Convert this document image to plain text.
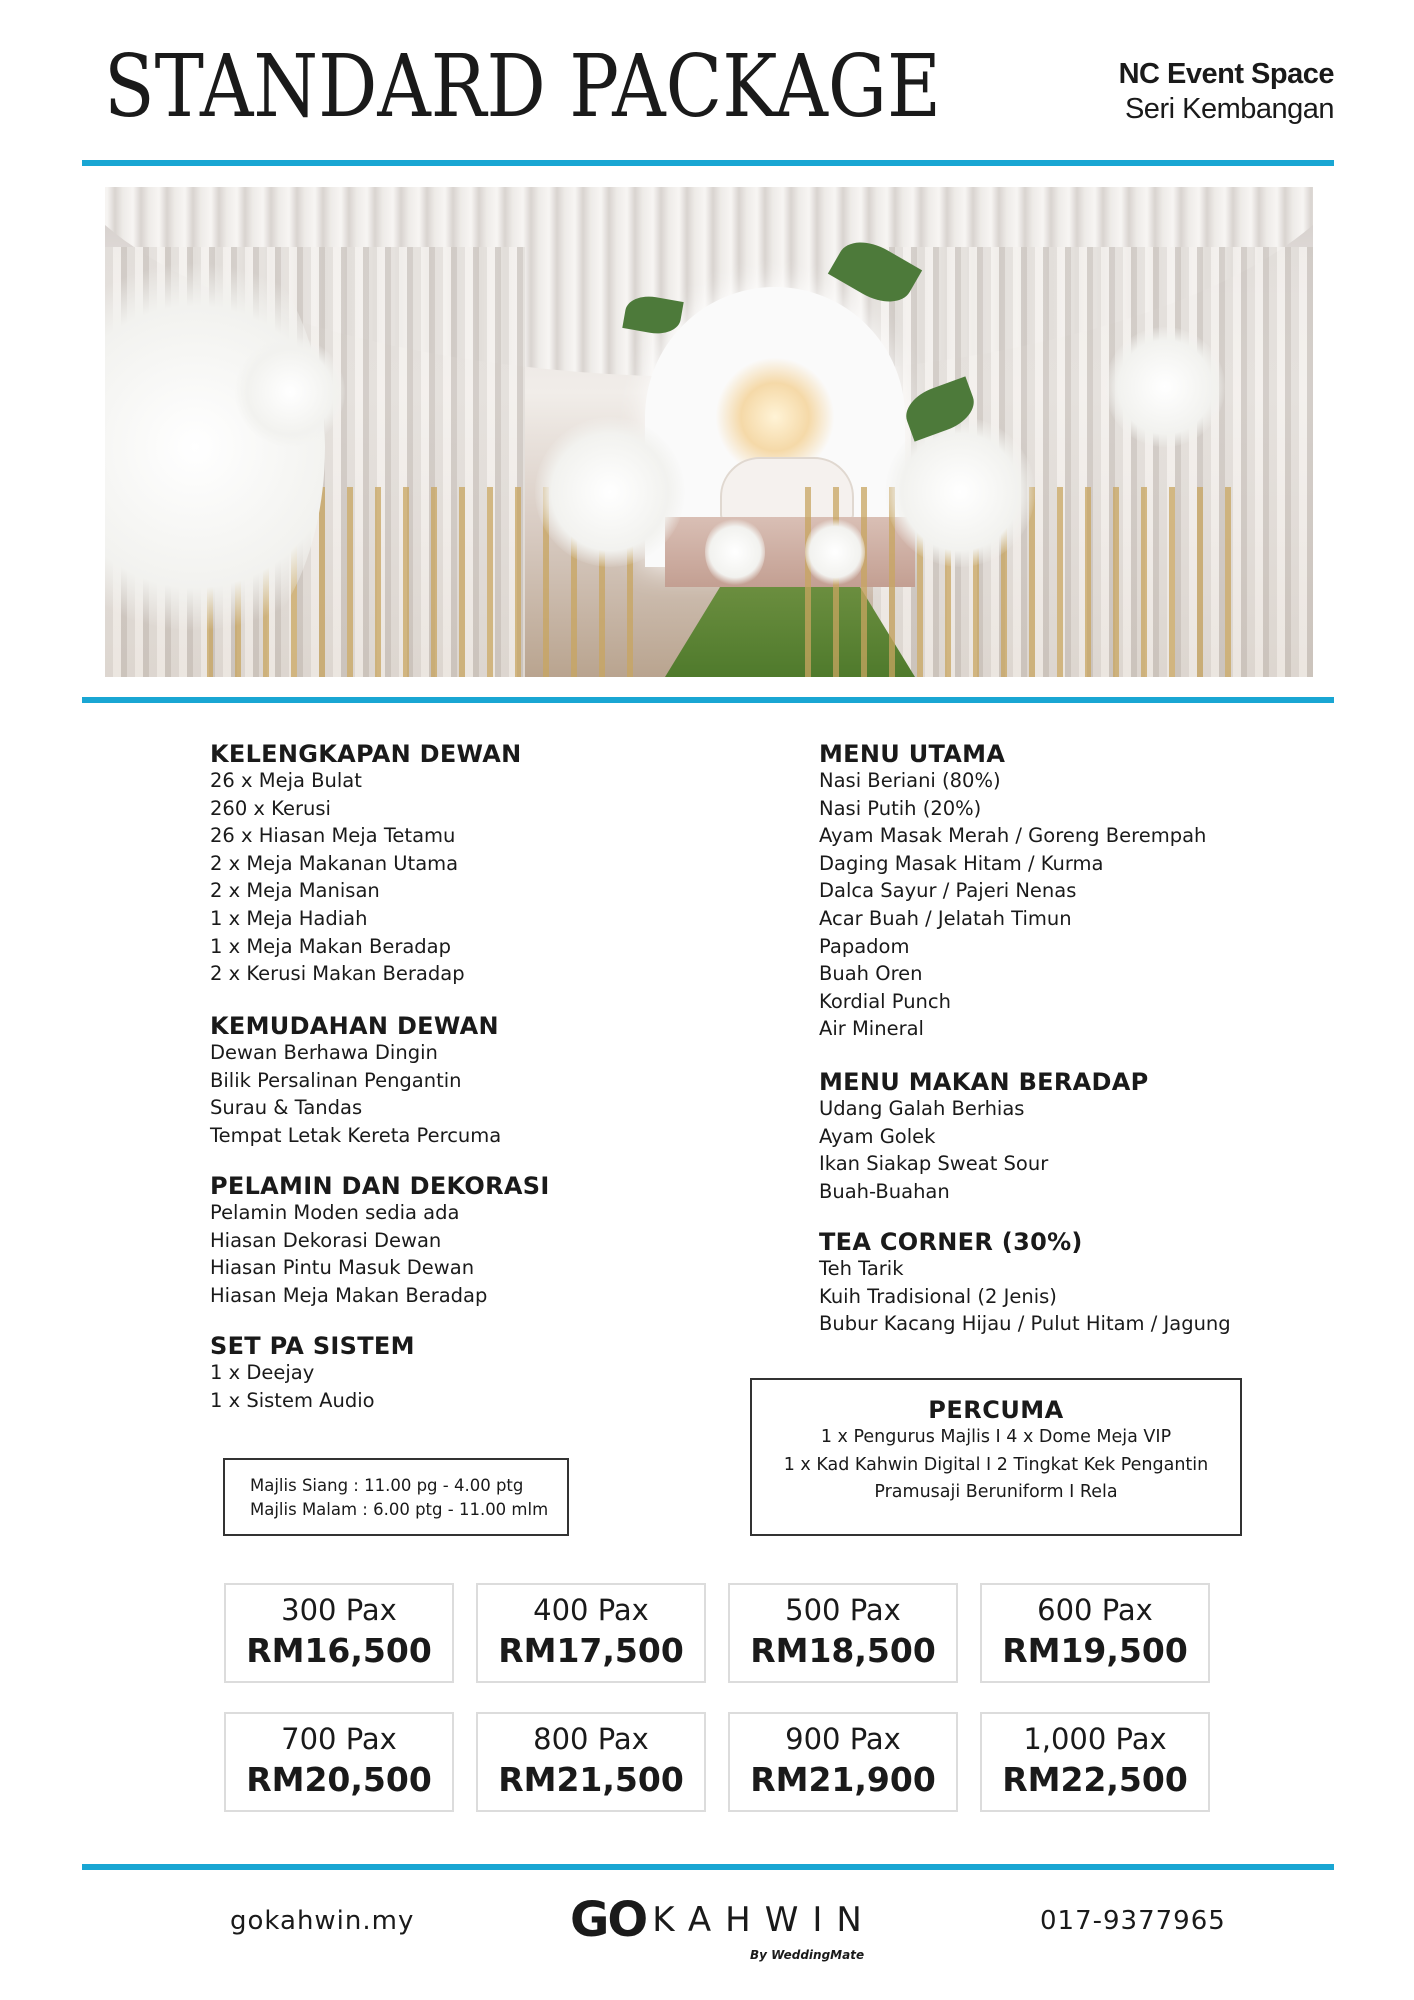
STANDARD PACKAGE	NC Event Space
Seri Kembangan
KELENGKAPAN DEWAN
26 x Meja Bulat
260 x Kerusi
26 x Hiasan Meja Tetamu
2 x Meja Makanan Utama
2 x Meja Manisan
1 x Meja Hadiah
1 x Meja Makan Beradap
2 x Kerusi Makan Beradap
KEMUDAHAN DEWAN
Dewan Berhawa Dingin
Bilik Persalinan Pengantin
Surau & Tandas
Tempat Letak Kereta Percuma
PELAMIN DAN DEKORASI
Pelamin Moden sedia ada
Hiasan Dekorasi Dewan
Hiasan Pintu Masuk Dewan
Hiasan Meja Makan Beradap
SET PA SISTEM
1 x Deejay
1 x Sistem Audio
MENU UTAMA
Nasi Beriani (80%)
Nasi Putih (20%)
Ayam Masak Merah / Goreng Berempah
Daging Masak Hitam / Kurma
Dalca Sayur / Pajeri Nenas
Acar Buah / Jelatah Timun
Papadom
Buah Oren
Kordial Punch
Air Mineral
MENU MAKAN BERADAP
Udang Galah Berhias
Ayam Golek
Ikan Siakap Sweat Sour
Buah-Buahan
TEA CORNER (30%)
Teh Tarik
Kuih Tradisional (2 Jenis)
Bubur Kacang Hijau / Pulut Hitam / Jagung
Majlis Siang : 11.00 pg - 4.00 ptg
Majlis Malam : 6.00 ptg - 11.00 mlm
PERCUMA
1 x Pengurus Majlis I 4 x Dome Meja VIP
1 x Kad Kahwin Digital I 2 Tingkat Kek Pengantin
Pramusaji Beruniform I Rela
300 Pax
RM16,500
400 Pax
RM17,500
500 Pax
RM18,500
600 Pax
RM19,500
700 Pax
RM20,500
800 Pax
RM21,500
900 Pax
RM21,900
1,000 Pax
RM22,500
gokahwin.my	GO KAHWIN
By WeddingMate
017-9377965
